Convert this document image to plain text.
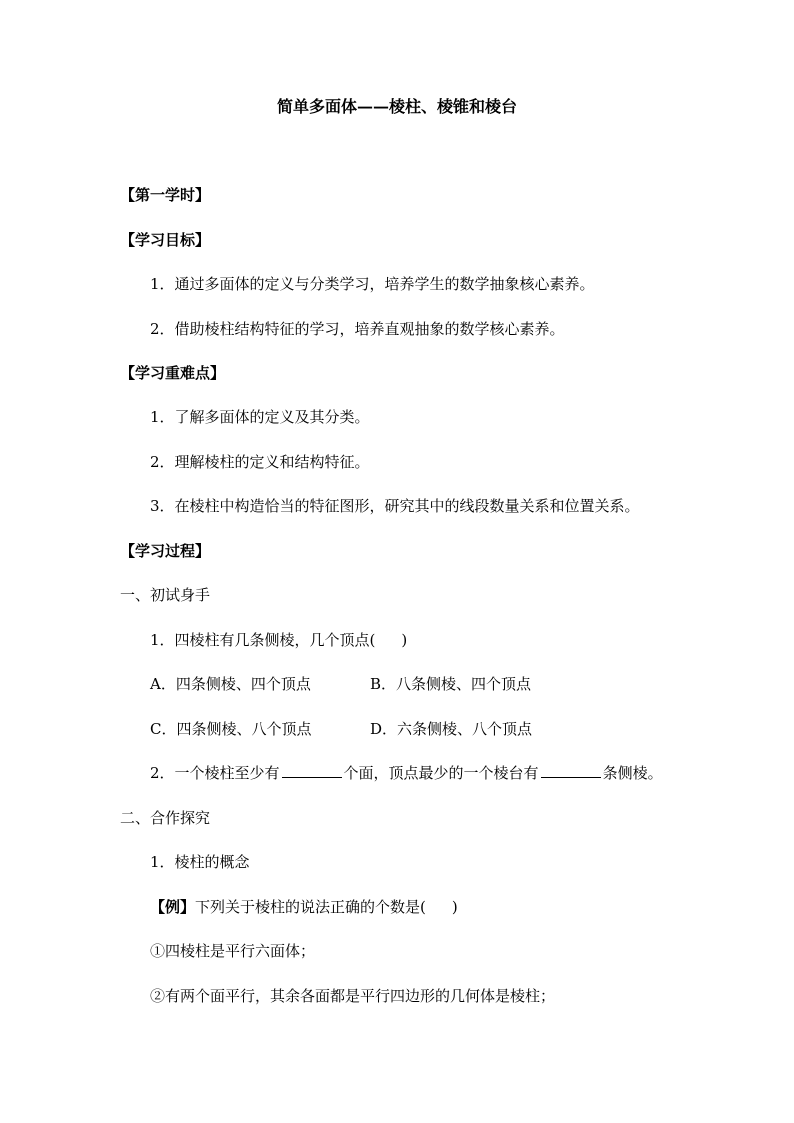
简单多面体——棱柱、棱锥和棱台
【第一学时】
【学习目标】
1．通过多面体的定义与分类学习，培养学生的数学抽象核心素养。
2．借助棱柱结构特征的学习，培养直观抽象的数学核心素养。
【学习重难点】
1．了解多面体的定义及其分类。
2．理解棱柱的定义和结构特征。
3．在棱柱中构造恰当的特征图形，研究其中的线段数量关系和位置关系。
【学习过程】
一、初试身手
1．四棱柱有几条侧棱，几个顶点( )
A．四条侧棱、四个顶点	B．八条侧棱、四个顶点
C．四条侧棱、八个顶点	D．六条侧棱、八个顶点
2．一个棱柱至少有	个面，顶点最少的一个棱台有	条侧棱。
二、合作探究
1．棱柱的概念
【例】下列关于棱柱的说法正确的个数是( )
①四棱柱是平行六面体；
②有两个面平行，其余各面都是平行四边形的几何体是棱柱；
